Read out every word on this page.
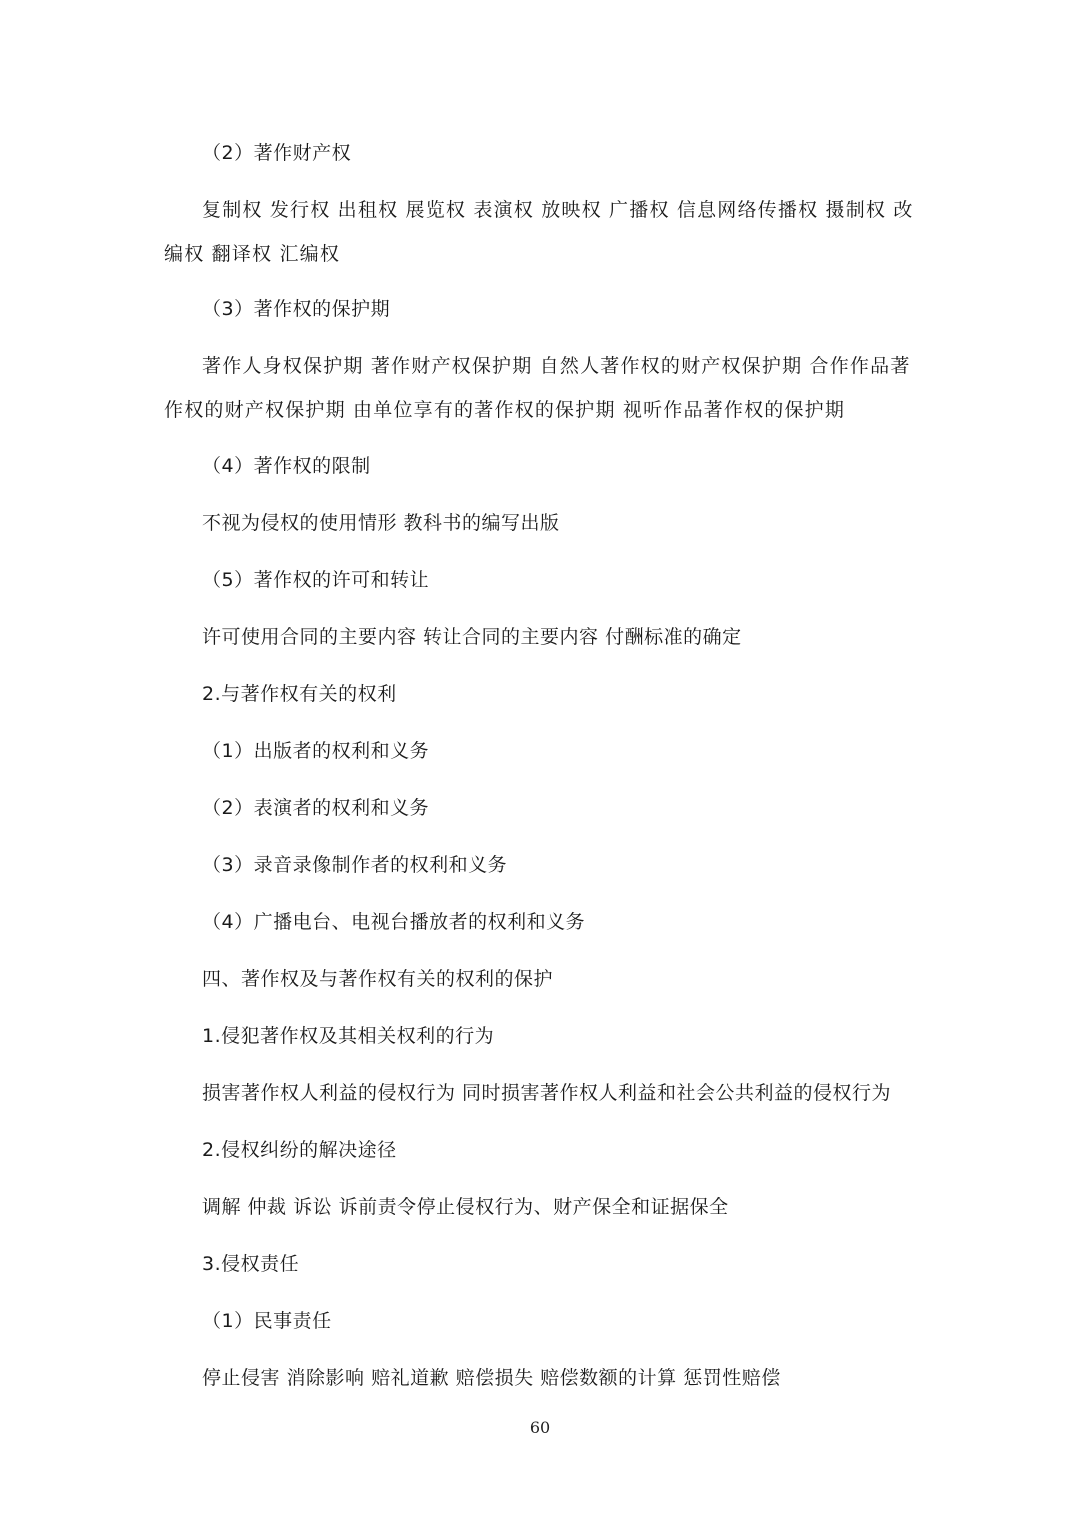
（2）著作财产权
复制权 发行权 出租权 展览权 表演权 放映权 广播权 信息网络传播权 摄制权 改编权 翻译权 汇编权
（3）著作权的保护期
著作人身权保护期 著作财产权保护期 自然人著作权的财产权保护期 合作作品著作权的财产权保护期 由单位享有的著作权的保护期 视听作品著作权的保护期
（4）著作权的限制
不视为侵权的使用情形 教科书的编写出版
（5）著作权的许可和转让
许可使用合同的主要内容 转让合同的主要内容 付酬标准的确定
2.与著作权有关的权利
（1）出版者的权利和义务
（2）表演者的权利和义务
（3）录音录像制作者的权利和义务
（4）广播电台、电视台播放者的权利和义务
四、著作权及与著作权有关的权利的保护
1.侵犯著作权及其相关权利的行为
损害著作权人利益的侵权行为 同时损害著作权人利益和社会公共利益的侵权行为
2.侵权纠纷的解决途径
调解 仲裁 诉讼 诉前责令停止侵权行为、财产保全和证据保全
3.侵权责任
（1）民事责任
停止侵害 消除影响 赔礼道歉 赔偿损失 赔偿数额的计算 惩罚性赔偿
60
